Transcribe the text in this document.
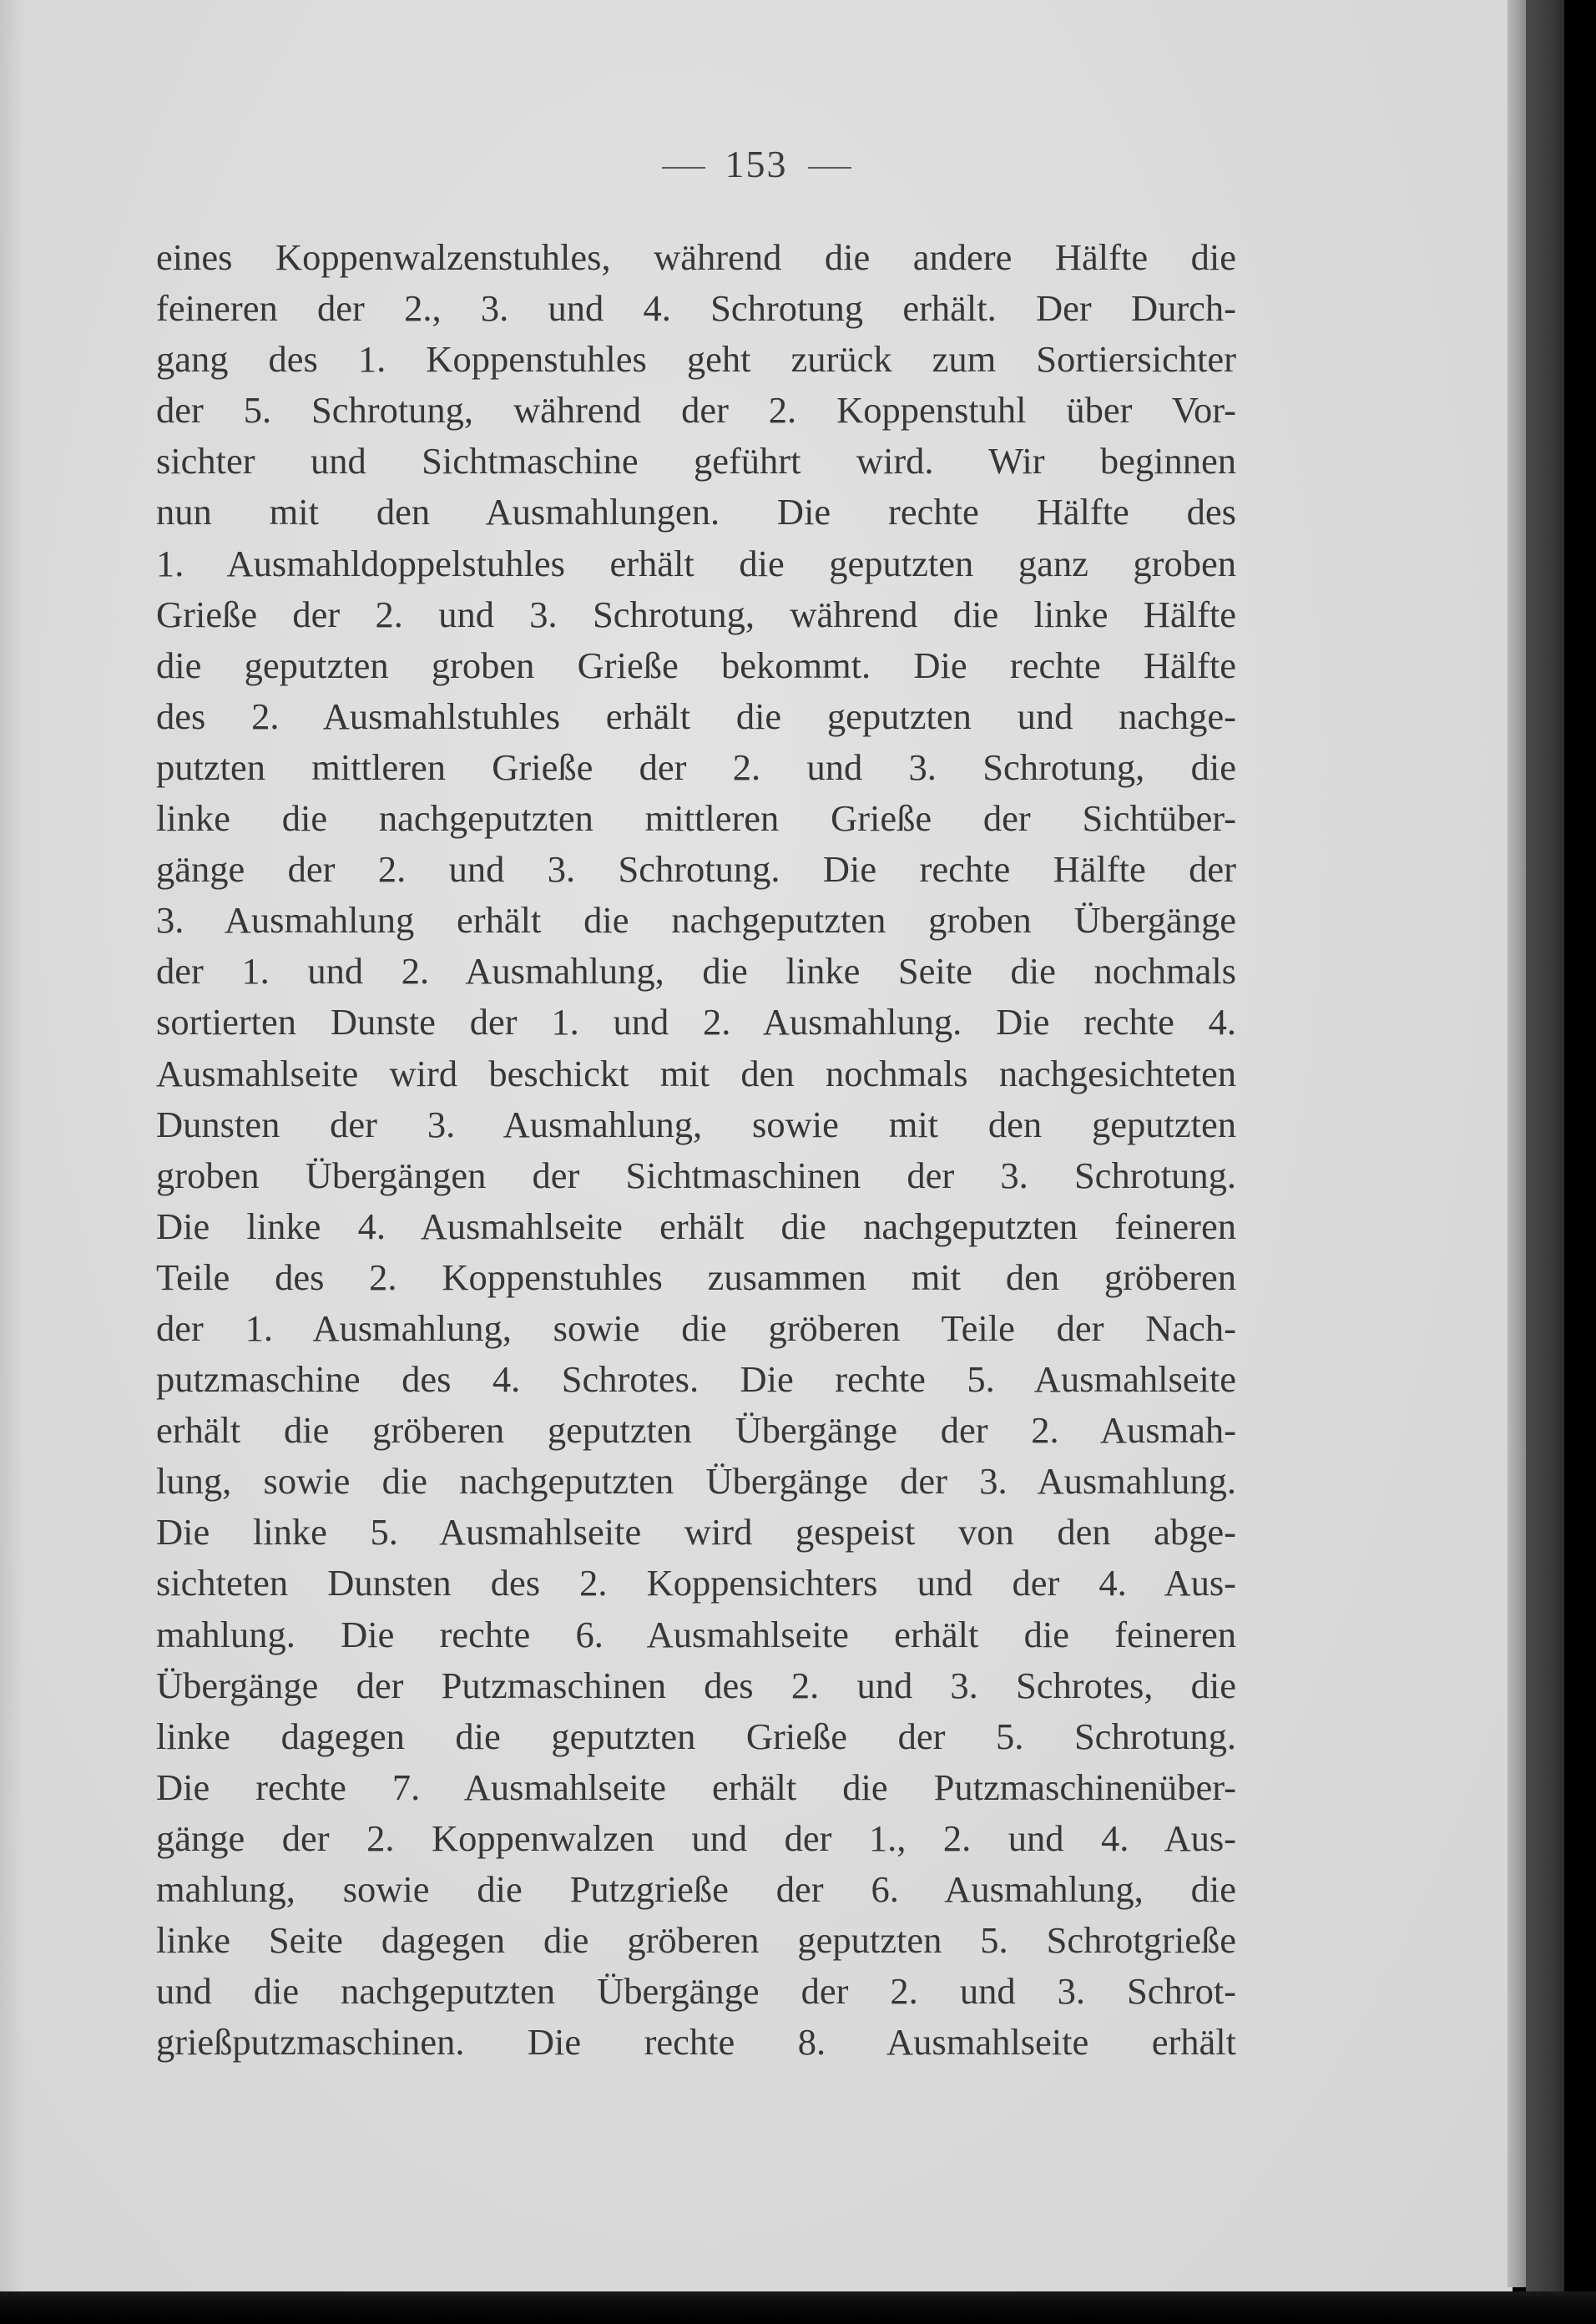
153
eines Koppenwalzenstuhles, während die andere Hälfte die
feineren der 2., 3. und 4. Schrotung erhält. Der Durch-
gang des 1. Koppenstuhles geht zurück zum Sortiersichter
der 5. Schrotung, während der 2. Koppenstuhl über Vor-
sichter und Sichtmaschine geführt wird. Wir beginnen
nun mit den Ausmahlungen. Die rechte Hälfte des
1. Ausmahldoppelstuhles erhält die geputzten ganz groben
Grieße der 2. und 3. Schrotung, während die linke Hälfte
die geputzten groben Grieße bekommt. Die rechte Hälfte
des 2. Ausmahlstuhles erhält die geputzten und nachge-
putzten mittleren Grieße der 2. und 3. Schrotung, die
linke die nachgeputzten mittleren Grieße der Sichtüber-
gänge der 2. und 3. Schrotung. Die rechte Hälfte der
3. Ausmahlung erhält die nachgeputzten groben Übergänge
der 1. und 2. Ausmahlung, die linke Seite die nochmals
sortierten Dunste der 1. und 2. Ausmahlung. Die rechte 4.
Ausmahlseite wird beschickt mit den nochmals nachgesichteten
Dunsten der 3. Ausmahlung, sowie mit den geputzten
groben Übergängen der Sichtmaschinen der 3. Schrotung.
Die linke 4. Ausmahlseite erhält die nachgeputzten feineren
Teile des 2. Koppenstuhles zusammen mit den gröberen
der 1. Ausmahlung, sowie die gröberen Teile der Nach-
putzmaschine des 4. Schrotes. Die rechte 5. Ausmahlseite
erhält die gröberen geputzten Übergänge der 2. Ausmah-
lung, sowie die nachgeputzten Übergänge der 3. Ausmahlung.
Die linke 5. Ausmahlseite wird gespeist von den abge-
sichteten Dunsten des 2. Koppensichters und der 4. Aus-
mahlung. Die rechte 6. Ausmahlseite erhält die feineren
Übergänge der Putzmaschinen des 2. und 3. Schrotes, die
linke dagegen die geputzten Grieße der 5. Schrotung.
Die rechte 7. Ausmahlseite erhält die Putzmaschinenüber-
gänge der 2. Koppenwalzen und der 1., 2. und 4. Aus-
mahlung, sowie die Putzgrieße der 6. Ausmahlung, die
linke Seite dagegen die gröberen geputzten 5. Schrotgrieße
und die nachgeputzten Übergänge der 2. und 3. Schrot-
grießputzmaschinen. Die rechte 8. Ausmahlseite erhält
